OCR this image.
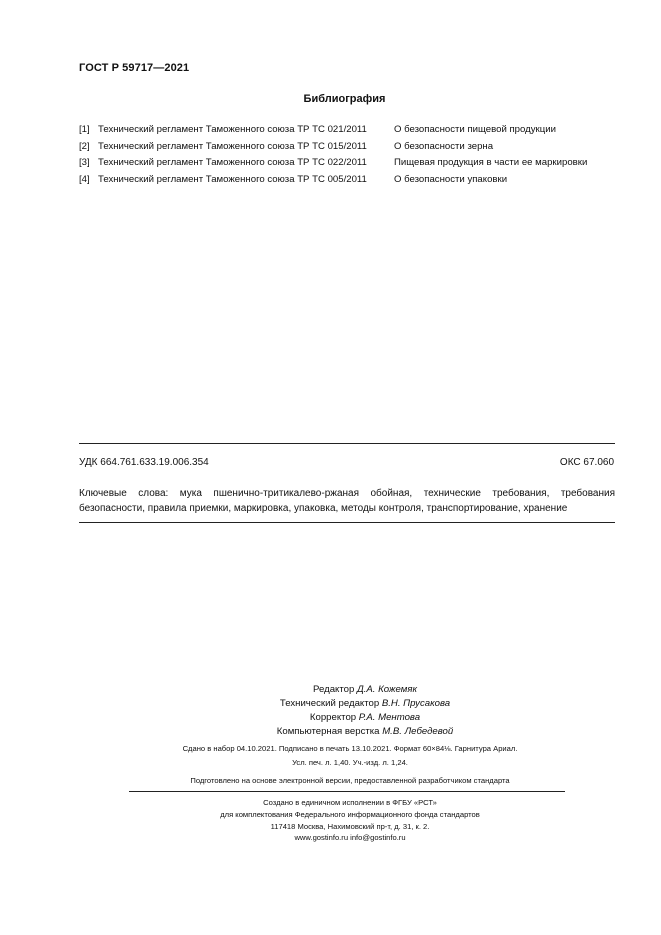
ГОСТ Р 59717—2021
Библиография
[1] Технический регламент Таможенного союза ТР ТС 021/2011	О безопасности пищевой продукции
[2] Технический регламент Таможенного союза ТР ТС 015/2011	О безопасности зерна
[3] Технический регламент Таможенного союза ТР ТС 022/2011	Пищевая продукция в части ее маркировки
[4] Технический регламент Таможенного союза ТР ТС 005/2011	О безопасности упаковки
УДК 664.761.633.19.006.354	ОКС 67.060
Ключевые слова: мука пшенично-тритикалево-ржаная обойная, технические требования, требования безопасности, правила приемки, маркировка, упаковка, методы контроля, транспортирование, хранение
Редактор Д.А. Кожемяк
Технический редактор В.Н. Прусакова
Корректор Р.А. Ментова
Компьютерная верстка М.В. Лебедевой
Сдано в набор 04.10.2021. Подписано в печать 13.10.2021. Формат 60×84⅛. Гарнитура Ариал.
Усл. печ. л. 1,40. Уч.-изд. л. 1,24.
Подготовлено на основе электронной версии, предоставленной разработчиком стандарта
Создано в единичном исполнении в ФГБУ «РСТ»
для комплектования Федерального информационного фонда стандартов
117418 Москва, Нахимовский пр-т, д. 31, к. 2.
www.gostinfo.ru info@gostinfo.ru
